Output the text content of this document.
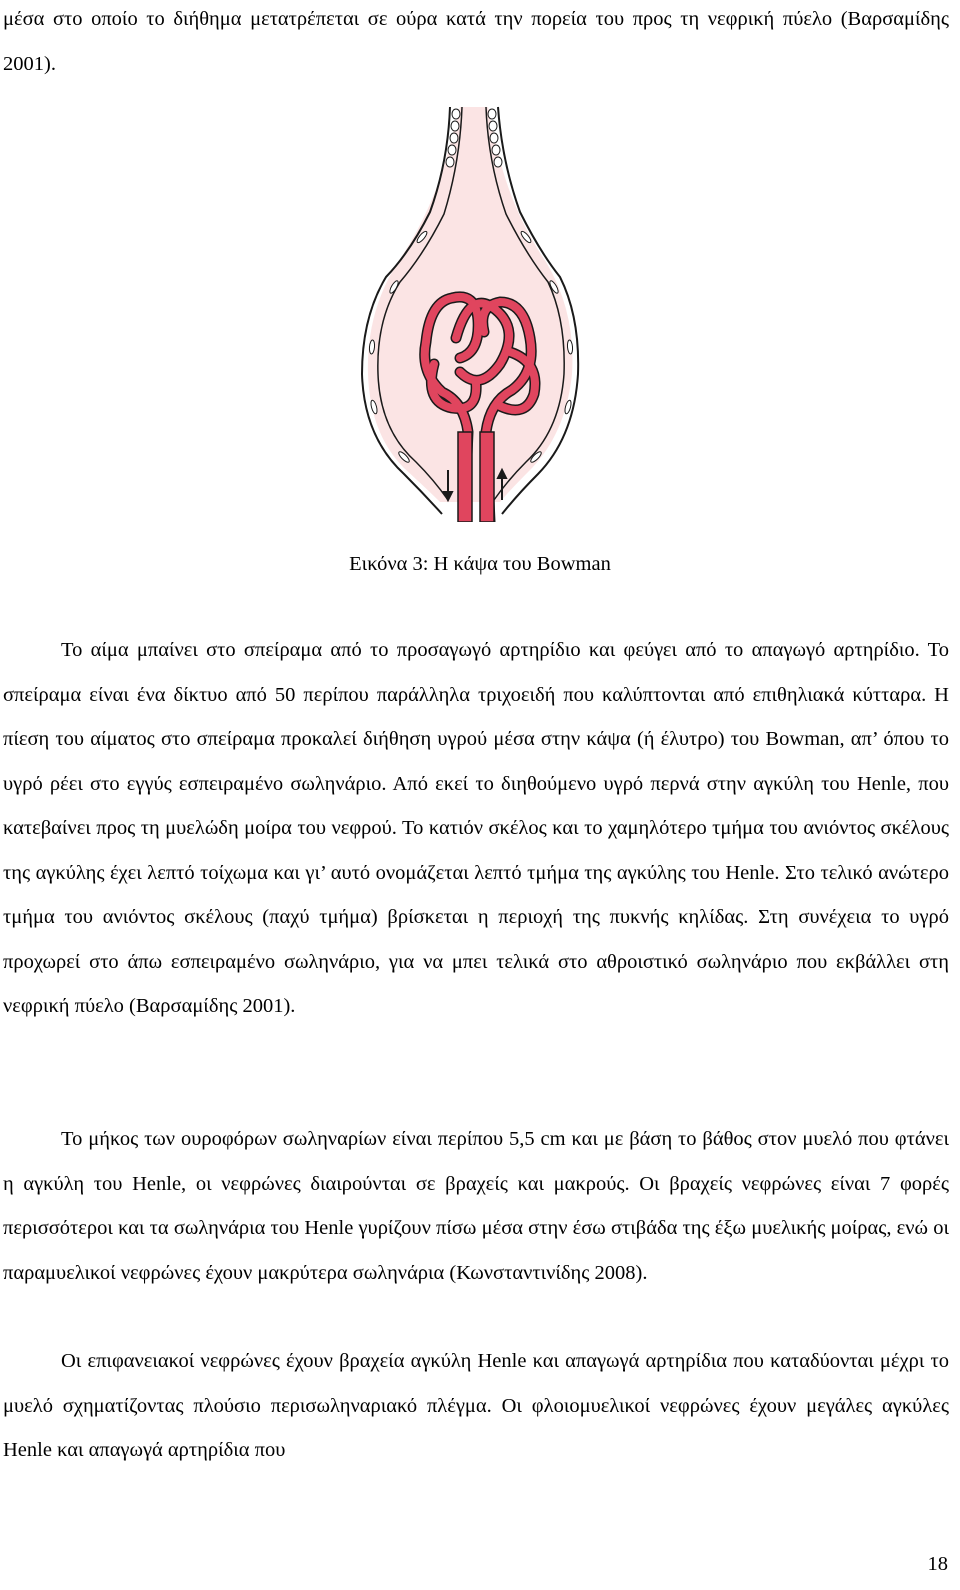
μέσα στο οποίο το διήθημα μετατρέπεται σε ούρα κατά την πορεία του προς τη νεφρική πύελο (Βαρσαμίδης 2001).

Εικόνα 3: Η κάψα του Bowman

Το αίμα μπαίνει στο σπείραμα από το προσαγωγό αρτηρίδιο και φεύγει από το απαγωγό αρτηρίδιο. Το σπείραμα είναι ένα δίκτυο από 50 περίπου παράλληλα τριχοειδή που καλύπτονται από επιθηλιακά κύτταρα. Η πίεση του αίματος στο σπείραμα προκαλεί διήθηση υγρού μέσα στην κάψα (ή έλυτρο) του Bowman, απ’ όπου το υγρό ρέει στο εγγύς εσπειραμένο σωληνάριο. Από εκεί το διηθούμενο υγρό περνά στην αγκύλη του Henle, που κατεβαίνει προς τη μυελώδη μοίρα του νεφρού. Το κατιόν σκέλος και το χαμηλότερο τμήμα του ανιόντος σκέλους της αγκύλης έχει λεπτό τοίχωμα και γι’ αυτό ονομάζεται λεπτό τμήμα της αγκύλης του Henle. Στο τελικό ανώτερο τμήμα του ανιόντος σκέλους (παχύ τμήμα) βρίσκεται η περιοχή της πυκνής κηλίδας. Στη συνέχεια το υγρό προχωρεί στο άπω εσπειραμένο σωληνάριο, για να μπει τελικά στο αθροιστικό σωληνάριο που εκβάλλει στη νεφρική πύελο (Βαρσαμίδης 2001).

Το μήκος των ουροφόρων σωληναρίων είναι περίπου 5,5 cm και με βάση το βάθος στον μυελό που φτάνει η αγκύλη του Henle, οι νεφρώνες διαιρούνται σε βραχείς και μακρούς. Οι βραχείς νεφρώνες είναι 7 φορές περισσότεροι και τα σωληνάρια του Henle γυρίζουν πίσω μέσα στην έσω στιβάδα της έξω μυελικής μοίρας, ενώ οι παραμυελικοί νεφρώνες έχουν μακρύτερα σωληνάρια (Κωνσταντινίδης 2008).

Οι επιφανειακοί νεφρώνες έχουν βραχεία αγκύλη Henle και απαγωγά αρτηρίδια που καταδύονται μέχρι το μυελό σχηματίζοντας πλούσιο περισωληναριακό πλέγμα. Οι φλοιομυελικοί νεφρώνες έχουν μεγάλες αγκύλες Henle και απαγωγά αρτηρίδια που

18
